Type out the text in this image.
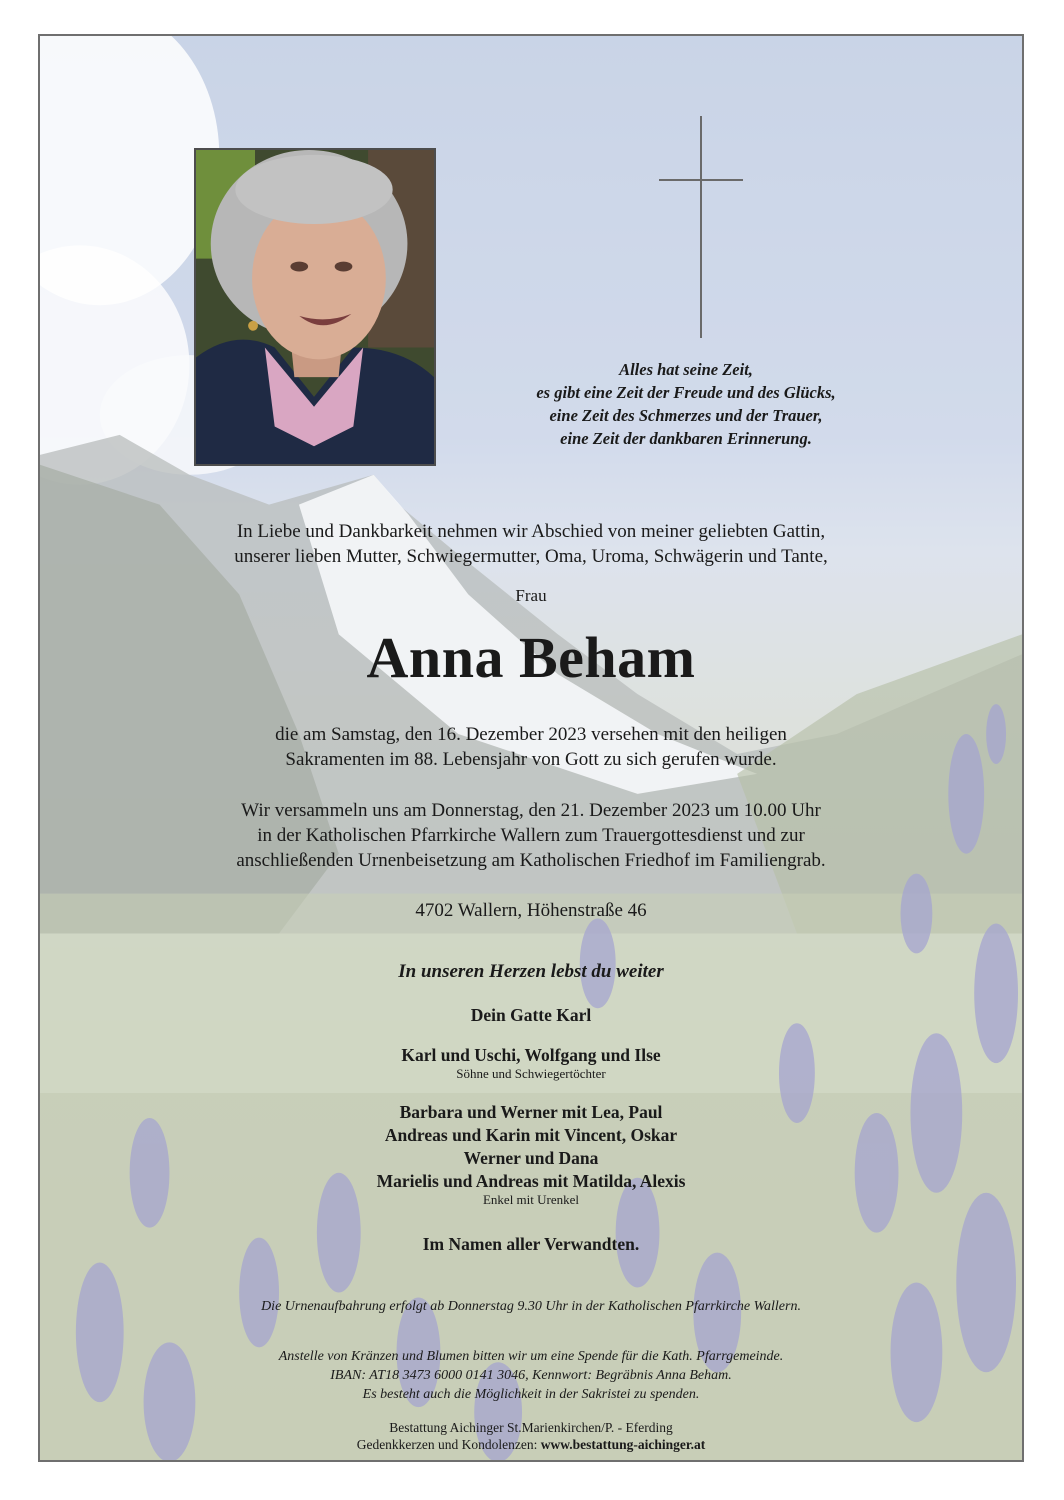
Alles hat seine Zeit,
es gibt eine Zeit der Freude und des Glücks,
eine Zeit des Schmerzes und der Trauer,
eine Zeit der dankbaren Erinnerung.
In Liebe und Dankbarkeit nehmen wir Abschied von meiner geliebten Gattin,
unserer lieben Mutter, Schwiegermutter, Oma, Uroma, Schwägerin und Tante,
Frau
Anna Beham
die am Samstag, den 16. Dezember 2023 versehen mit den heiligen
Sakramenten im 88. Lebensjahr von Gott zu sich gerufen wurde.
Wir versammeln uns am Donnerstag, den 21. Dezember 2023 um 10.00 Uhr
in der Katholischen Pfarrkirche Wallern zum Trauergottesdienst und zur
anschließenden Urnenbeisetzung am Katholischen Friedhof im Familiengrab.
4702 Wallern, Höhenstraße 46
In unseren Herzen lebst du weiter
Dein Gatte Karl
Karl und Uschi, Wolfgang und Ilse
Söhne und Schwiegertöchter
Barbara und Werner mit Lea, Paul
Andreas und Karin mit Vincent, Oskar
Werner und Dana
Marielis und Andreas mit Matilda, Alexis
Enkel mit Urenkel
Im Namen aller Verwandten.
Die Urnenaufbahrung erfolgt ab Donnerstag 9.30 Uhr in der Katholischen Pfarrkirche Wallern.
Anstelle von Kränzen und Blumen bitten wir um eine Spende für die Kath. Pfarrgemeinde.
IBAN: AT18 3473 6000 0141 3046, Kennwort: Begräbnis Anna Beham.
Es besteht auch die Möglichkeit in der Sakristei zu spenden.
Bestattung Aichinger St.Marienkirchen/P. - Eferding
Gedenkkerzen und Kondolenzen: www.bestattung-aichinger.at
